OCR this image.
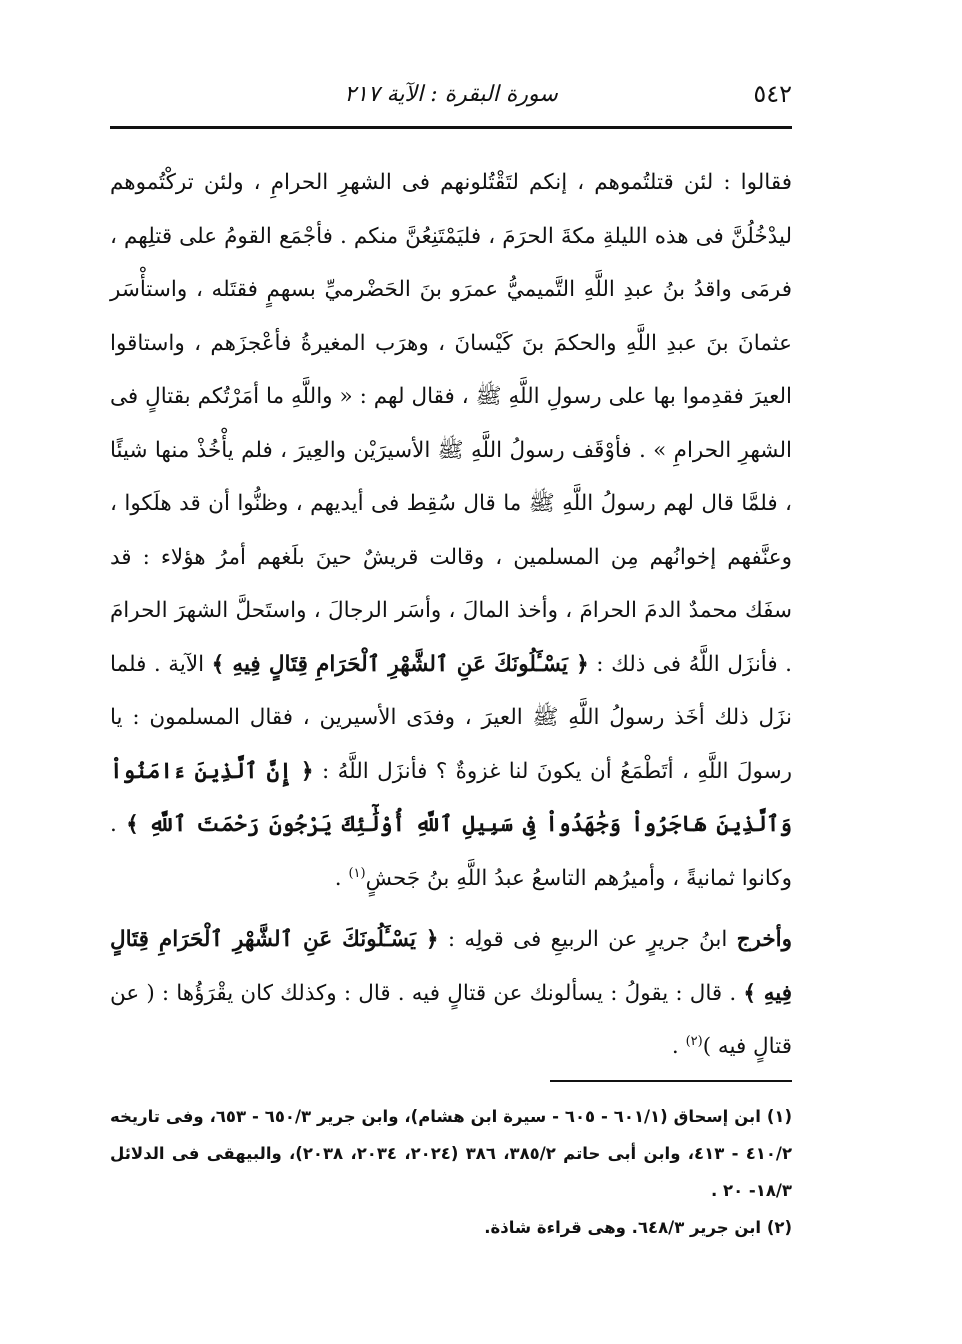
٥٤٢
سورة البقرة : الآية ٢١٧

فقالوا : لئن قتلتُموهم ، إنكم لتَقْتُلونهم فى الشهرِ الحرامِ ، ولئن تركْتُموهم ليدْخُلُنَّ فى هذه الليلةِ مكةَ الحرَمَ ، فليَمْتَنِعُنَّ منكم . فأجْمَع القومُ على قتلِهم ، فرمَى واقدُ بنُ عبدِ اللَّهِ التَّميميُّ عمرَو بنَ الحَضْرميِّ بسهمٍ فقتَله ، واستأْسَر عثمانَ بنَ عبدِ اللَّهِ والحكمَ بنَ كَيْسانَ ، وهرَب المغيرةُ فأعْجزَهم ، واستاقوا العيرَ فقدِموا بها على رسولِ اللَّهِ ﷺ ، فقال لهم : « واللَّهِ ما أمَرْتُكم بقتالٍ فى الشهرِ الحرامِ » . فأوْقَف رسولُ اللَّهِ ﷺ الأسيرَيْن والعِيرَ ، فلم يأْخُذْ منها شيئًا ، فلمَّا قال لهم رسولُ اللَّهِ ﷺ ما قال سُقِط فى أيديهم ، وظنُّوا أن قد هلَكوا ، وعنَّفهم إخوانُهم مِن المسلمين ، وقالت قريشٌ حينَ بلَغهم أمرُ هؤلاء : قد سفَك محمدٌ الدمَ الحرامَ ، وأخذ المالَ ، وأسَر الرجالَ ، واستَحلَّ الشهرَ الحرامَ . فأنزَل اللَّهُ فى ذلك : ﴿ يَسْـَٔلُونَكَ عَنِ ٱلشَّهْرِ ٱلْحَرَامِ قِتَالٍ فِيهِ ﴾ الآية . فلما نزَل ذلك أخَذ رسولُ اللَّهِ ﷺ العيرَ ، وفدَى الأسيرين ، فقال المسلمون : يا رسولَ اللَّهِ ، أتَطْمَعُ أن يكونَ لنا غزوةٌ ؟ فأنزَل اللَّهُ : ﴿ إِنَّ ٱلَّذِينَ ءَامَنُواْ وَٱلَّذِينَ هَاجَرُواْ وَجَٰهَدُواْ فِى سَبِيلِ ٱللَّهِ أُوْلَٰٓئِكَ يَرْجُونَ رَحْمَتَ ٱللَّهِ ﴾ . وكانوا ثمانيةً ، وأميرُهم التاسعُ عبدُ اللَّهِ بنُ جَحشٍ$^{(١)}$ .

وأخرج ابنُ جريرٍ عن الربيعِ فى قولِه : ﴿ يَسْـَٔلُونَكَ عَنِ ٱلشَّهْرِ ٱلْحَرَامِ قِتَالٍ فِيهِ ﴾ . قال : يقولُ : يسألونك عن قتالٍ فيه . قال : وكذلك كان يقْرَؤُها : ( عن قتالٍ فيه )$^{(٢)}$ .

(١) ابن إسحاق (٦٠١/١ - ٦٠٥ - سيرة ابن هشام)، وابن جرير ٦٥٠/٣ - ٦٥٣، وفى تاريخه ٤١٠/٢ - ٤١٣، وابن أبى حاتم ٣٨٥/٢، ٣٨٦ (٢٠٢٤، ٢٠٣٤، ٢٠٣٨)، والبيهقى فى الدلائل ١٨/٣- ٢٠ .

(٢) ابن جرير ٦٤٨/٣. وهى قراءة شاذة.
